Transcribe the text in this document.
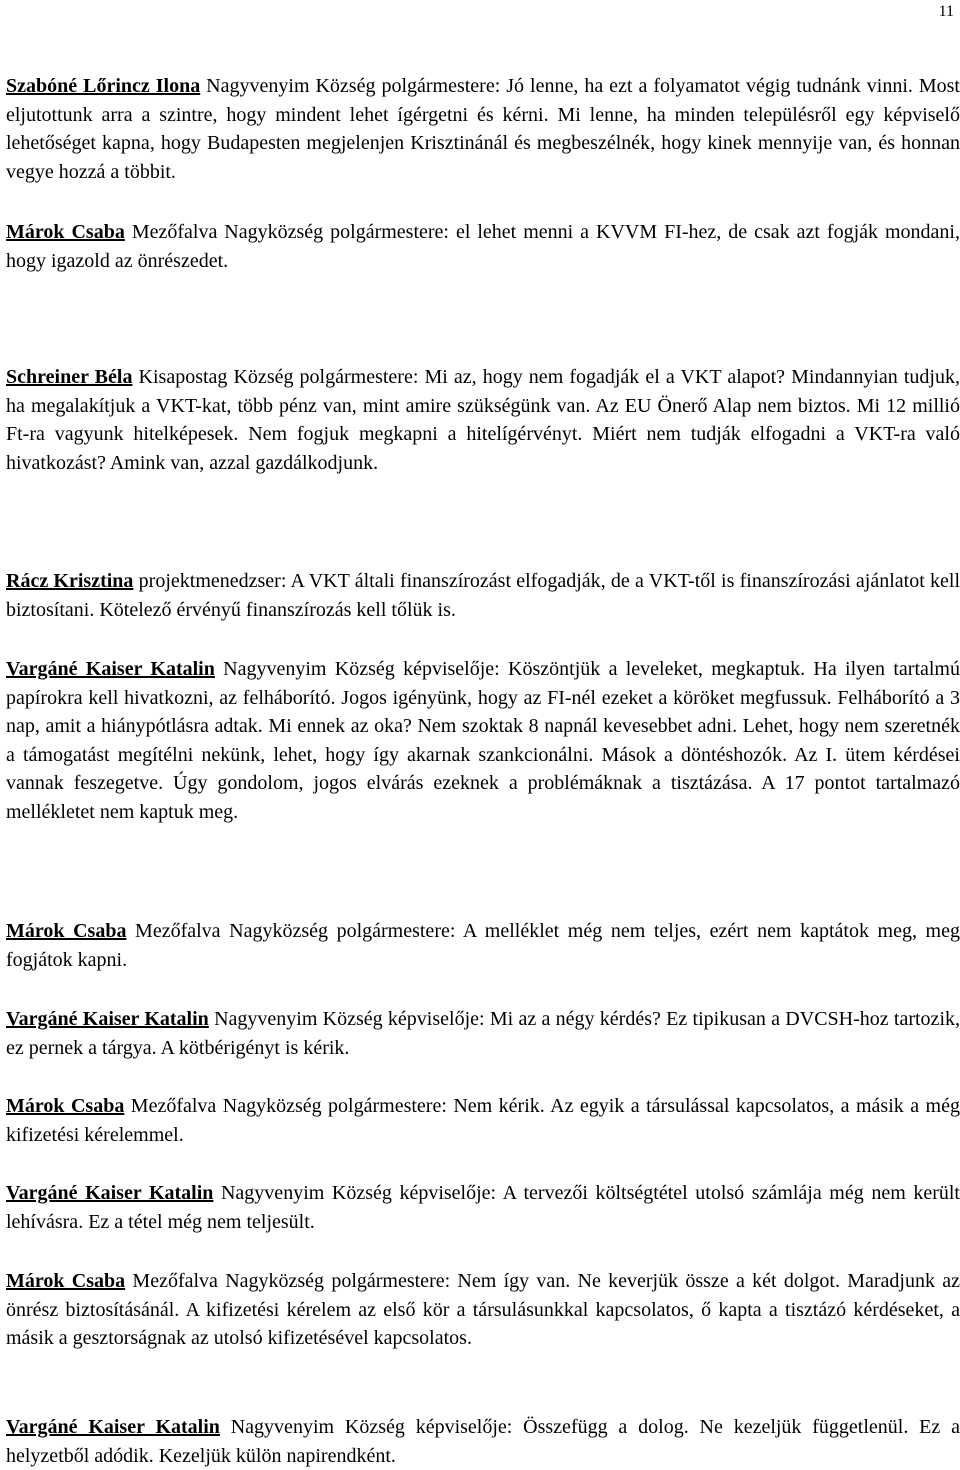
11

Szabóné Lőrincz Ilona Nagyvenyim Község polgármestere: Jó lenne, ha ezt a folyamatot végig tudnánk vinni. Most eljutottunk arra a szintre, hogy mindent lehet ígérgetni és kérni. Mi lenne, ha minden településről egy képviselő lehetőséget kapna, hogy Budapesten megjelenjen Krisztinánál és megbeszélnék, hogy kinek mennyije van, és honnan vegye hozzá a többit.

Márok Csaba Mezőfalva Nagyközség polgármestere: el lehet menni a KVVM FI-hez, de csak azt fogják mondani, hogy igazold az önrészedet.

Schreiner Béla Kisapostag Község polgármestere: Mi az, hogy nem fogadják el a VKT alapot? Mindannyian tudjuk, ha megalakítjuk a VKT-kat, több pénz van, mint amire szükségünk van. Az EU Önerő Alap nem biztos. Mi 12 millió Ft-ra vagyunk hitelképesek. Nem fogjuk megkapni a hitelígérvényt. Miért nem tudják elfogadni a VKT-ra való hivatkozást? Amink van, azzal gazdálkodjunk.

Rácz Krisztina projektmenedzser: A VKT általi finanszírozást elfogadják, de a VKT-től is finanszírozási ajánlatot kell biztosítani. Kötelező érvényű finanszírozás kell tőlük is.

Vargáné Kaiser Katalin Nagyvenyim Község képviselője: Köszöntjük a leveleket, megkaptuk. Ha ilyen tartalmú papírokra kell hivatkozni, az felháborító. Jogos igényünk, hogy az FI-nél ezeket a köröket megfussuk. Felháborító a 3 nap, amit a hiánypótlásra adtak. Mi ennek az oka? Nem szoktak 8 napnál kevesebbet adni. Lehet, hogy nem szeretnék a támogatást megítélni nekünk, lehet, hogy így akarnak szankcionálni. Mások a döntéshozók. Az I. ütem kérdései vannak feszegetve. Úgy gondolom, jogos elvárás ezeknek a problémáknak a tisztázása. A 17 pontot tartalmazó mellékletet nem kaptuk meg.

Márok Csaba Mezőfalva Nagyközség polgármestere: A melléklet még nem teljes, ezért nem kaptátok meg, meg fogjátok kapni.

Vargáné Kaiser Katalin Nagyvenyim Község képviselője: Mi az a négy kérdés? Ez tipikusan a DVCSH-hoz tartozik, ez pernek a tárgya. A kötbérigényt is kérik.

Márok Csaba Mezőfalva Nagyközség polgármestere: Nem kérik. Az egyik a társulással kapcsolatos, a másik a még kifizetési kérelemmel.

Vargáné Kaiser Katalin Nagyvenyim Község képviselője: A tervezői költségtétel utolsó számlája még nem került lehívásra. Ez a tétel még nem teljesült.

Márok Csaba Mezőfalva Nagyközség polgármestere: Nem így van. Ne keverjük össze a két dolgot. Maradjunk az önrész biztosításánál. A kifizetési kérelem az első kör a társulásunkkal kapcsolatos, ő kapta a tisztázó kérdéseket, a másik a gesztorságnak az utolsó kifizetésével kapcsolatos.

Vargáné Kaiser Katalin Nagyvenyim Község képviselője: Összefügg a dolog. Ne kezeljük függetlenül. Ez a helyzetből adódik. Kezeljük külön napirendként.
